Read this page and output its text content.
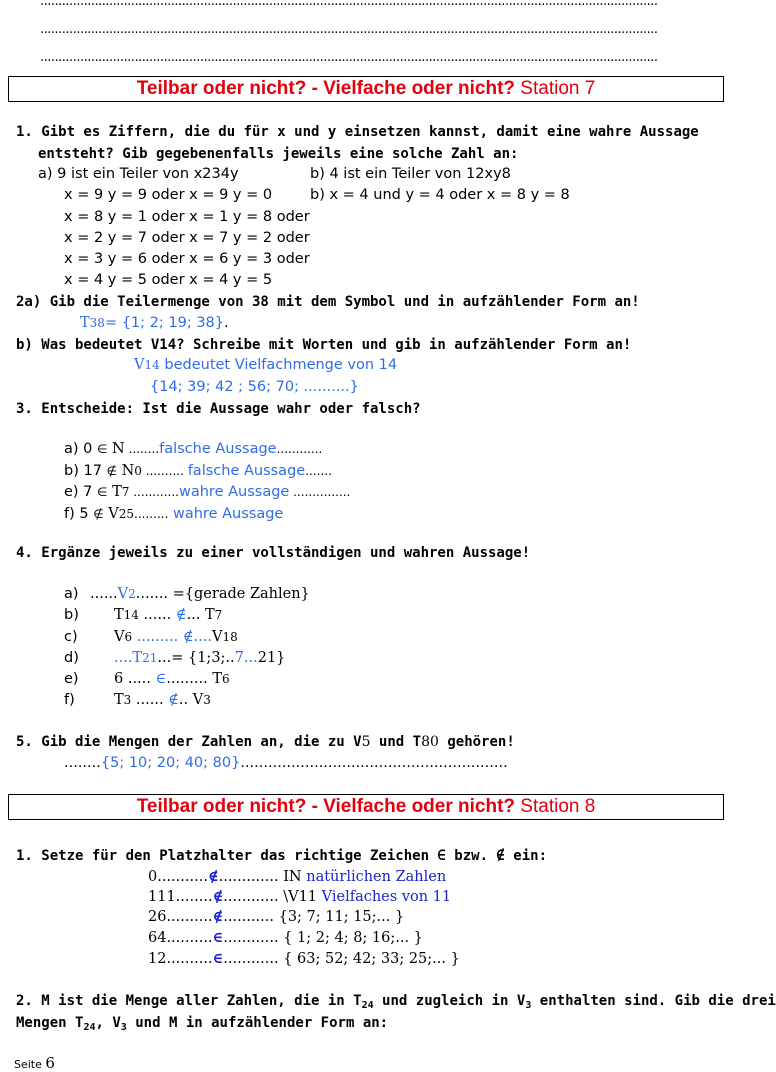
..........................................................................................................................................................................
..........................................................................................................................................................................
..........................................................................................................................................................................
Teilbar oder nicht? - Vielfache oder nicht? Station 7
1. Gibt es Ziffern, die du für x und y einsetzen kannst, damit eine wahre Aussage
entsteht? Gib gegebenenfalls jeweils eine solche Zahl an:
a) 9 ist ein Teiler von x234y	b) 4 ist ein Teiler von 12xy8
x = 9 y = 9 oder x = 9 y = 0	b) x = 4 und y = 4 oder x = 8 y = 8
x = 8 y = 1 oder x = 1 y = 8 oder
x = 2 y = 7 oder x = 7 y = 2 oder
x = 3 y = 6 oder x = 6 y = 3 oder
x = 4 y = 5 oder x = 4 y = 5
2a) Gib die Teilermenge von 38 mit dem Symbol und in aufzählender Form an!
T38= {1; 2; 19; 38}.
b) Was bedeutet V14? Schreibe mit Worten und gib in aufzählender Form an!
V14 bedeutet Vielfachmenge von 14
{14; 39; 42 ; 56; 70; ..........}
3. Entscheide: Ist die Aussage wahr oder falsch?
a) 0 ∈ N ........falsche Aussage............
b) 17 ∉ N0 .......... falsche Aussage.......
e) 7 ∈ T7 ............wahre Aussage ...............
f) 5 ∉ V25......... wahre Aussage
4. Ergänze jeweils zu einer vollständigen und wahren Aussage!
a) ......V2....... ={gerade Zahlen}
b) T14 ...... ∉... T7
c)	V6 ......... ∉....V18
d) ....T21...= {1;3;..7...21}
e) 6 ..... ∈......... T6
f)	T3 ...... ∉.. V3
5. Gib die Mengen der Zahlen an, die zu V5 und T80 gehören!
........{5; 10; 20; 40; 80}..........................................................
Teilbar oder nicht? - Vielfache oder nicht? Station 8
1. Setze für den Platzhalter das richtige Zeichen ∈ bzw. ∉ ein:
0...........∉............. IN natürlichen Zahlen
111........∉............ \V11 Vielfaches von 11
26..........∉........... {3; 7; 11; 15;... }
64..........∈............ { 1; 2; 4; 8; 16;... }
12..........∈............ { 63; 52; 42; 33; 25;... }
2. M ist die Menge aller Zahlen, die in $T_{24}$ und zugleich in $V_3$ enthalten sind. Gib die drei
Mengen $T_{24}$, $V_3$ und M in aufzählender Form an:
Seite 6
